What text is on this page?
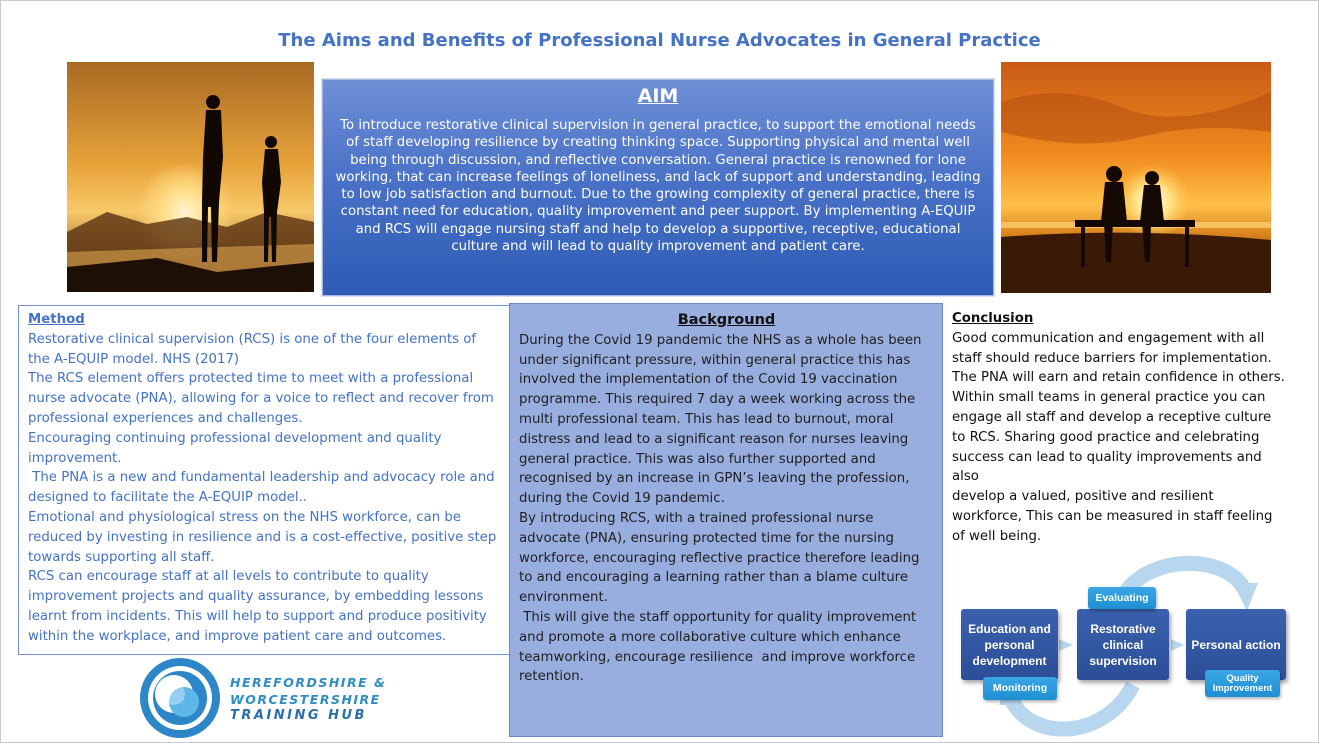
The Aims and Benefits of Professional Nurse Advocates in General Practice
AIM

To introduce restorative clinical supervision in general practice, to support the emotional needs of staff developing resilience by creating thinking space. Supporting physical and mental well being through discussion, and reflective conversation. General practice is renowned for lone working, that can increase feelings of loneliness, and lack of support and understanding, leading to low job satisfaction and burnout. Due to the growing complexity of general practice, there is constant need for education, quality improvement and peer support. By implementing A-EQUIP and RCS will engage nursing staff and help to develop a supportive, receptive, educational culture and will lead to quality improvement and patient care.

Method
Restorative clinical supervision (RCS) is one of the four elements of the A-EQUIP model. NHS (2017)
The RCS element offers protected time to meet with a professional nurse advocate (PNA), allowing for a voice to reflect and recover from professional experiences and challenges.
Encouraging continuing professional development and quality improvement.
The PNA is a new and fundamental leadership and advocacy role and designed to facilitate the A-EQUIP model..
Emotional and physiological stress on the NHS workforce, can be reduced by investing in resilience and is a cost-effective, positive step towards supporting all staff.
RCS can encourage staff at all levels to contribute to quality improvement projects and quality assurance, by embedding lessons learnt from incidents. This will help to support and produce positivity within the workplace, and improve patient care and outcomes.
Background
During the Covid 19 pandemic the NHS as a whole has been under significant pressure, within general practice this has involved the implementation of the Covid 19 vaccination programme. This required 7 day a week working across the multi professional team. This has lead to burnout, moral distress and lead to a significant reason for nurses leaving general practice. This was also further supported and recognised by an increase in GPN’s leaving the profession, during the Covid 19 pandemic.
By introducing RCS, with a trained professional nurse advocate (PNA), ensuring protected time for the nursing workforce, encouraging reflective practice therefore leading to and encouraging a learning rather than a blame culture environment.
This will give the staff opportunity for quality improvement and promote a more collaborative culture which enhance teamworking, encourage resilience  and improve workforce retention.
Conclusion
Good communication and engagement with all staff should reduce barriers for implementation. The PNA will earn and retain confidence in others. Within small teams in general practice you can engage all staff and develop a receptive culture to RCS. Sharing good practice and celebrating success can lead to quality improvements and also
develop a valued, positive and resilient workforce, This can be measured in staff feeling of well being.
HEREFORDSHIRE &
WORCESTERSHIRE
TRAINING HUB
Education and personal development
Restorative clinical supervision
Personal action
Evaluating
Monitoring
Quality Improvement
